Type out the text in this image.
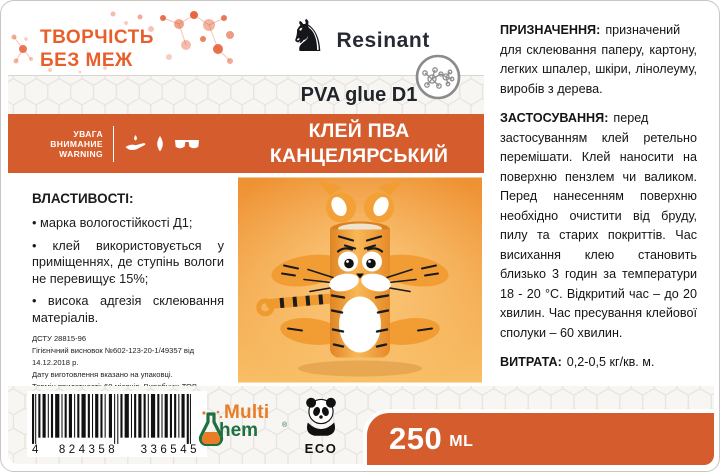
ТВОРЧІСТЬ
БЕЗ МЕЖ	♞ Resinant
PVA glue D1
УВАГА
ВНИМАНИЕ
WARNING
КЛЕЙ ПВА
КАНЦЕЛЯРСЬКИЙ
ВЛАСТИВОСТІ:

• марка вологостійкості Д1;

• клей використовується у приміщеннях, де ступінь вологи не перевищує 15%;

• висока адгезія склеювання матеріалів.

ДСТУ 28815-96
Гігієнічний висновок №602-123-20-1/49357 від 14.12.2018 р.
Дату виготовлення вказано на упаковці.

ПРИЗНАЧЕННЯ: призначений для склеювання паперу, картону, легких шпалер, шкіри, лінолеуму, виробів з дерева.

ЗАСТОСУВАННЯ: перед застосуванням клей ретельно перемішати. Клей наносити на поверхню пензлем чи валиком. Перед нанесенням поверхню необхідно очистити від бруду, пилу та старих покриттів. Час висихання клею становить близько 3 годин за температури 18 - 20 °С. Відкритий час – до 20 хвилин. Час пресування клейової сполуки – 60 хвилин.

ВИТРАТА: 0,2-0,5 кг/кв. м.

4 824358 336545
Multi
hem	®
ECO	250 ML
